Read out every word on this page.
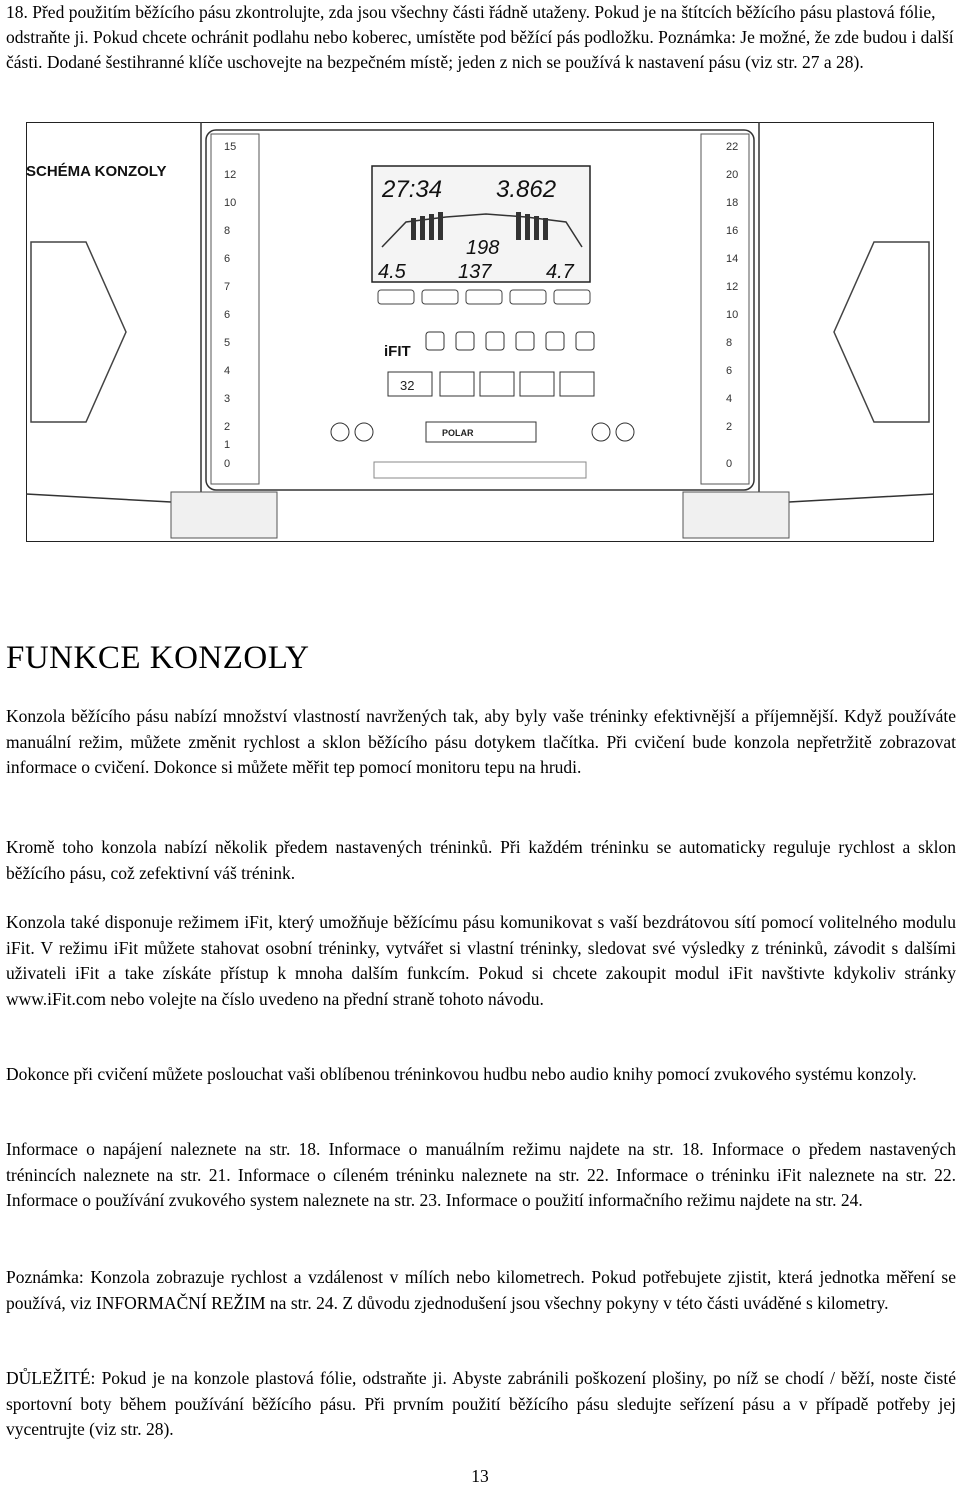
18. Před použitím běžícího pásu zkontrolujte, zda jsou všechny části řádně utaženy. Pokud je na štítcích běžícího pásu plastová fólie, odstraňte ji. Pokud chcete ochránit podlahu nebo koberec, umístěte pod běžící pás podložku. Poznámka: Je možné, že zde budou i další části. Dodané šestihranné klíče uschovejte na bezpečném místě; jeden z nich se používá k nastavení pásu (viz str. 27 a 28).
SCHÉMA KONZOLY
15
12
10
8
6
7
6
5
4
3
2
1
0
22
20
18
16
14
12
10
8
6
4
2
0
27:34 3.862
198
4.5	137	4.7
iFIT
32
POLAR
FUNKCE KONZOLY

Konzola běžícího pásu nabízí množství vlastností navržených tak, aby byly vaše tréninky efektivnější a příjemnější. Když používáte manuální režim, můžete změnit rychlost a sklon běžícího pásu dotykem tlačítka. Při cvičení bude konzola nepřetržitě zobrazovat informace o cvičení. Dokonce si můžete měřit tep pomocí monitoru tepu na hrudi.

Kromě toho konzola nabízí několik předem nastavených tréninků. Při každém tréninku se automaticky reguluje rychlost a sklon běžícího pásu, což zefektivní váš trénink.

Konzola také disponuje režimem iFit, který umožňuje běžícímu pásu komunikovat s vaší bezdrátovou sítí pomocí volitelného modulu iFit. V režimu iFit můžete stahovat osobní tréninky, vytvářet si vlastní tréninky, sledovat své výsledky z tréninků, závodit s dalšími uživateli iFit a take získáte přístup k mnoha dalším funkcím. Pokud si chcete zakoupit modul iFit navštivte kdykoliv stránky www.iFit.com nebo volejte na číslo uvedeno na přední straně tohoto návodu.

Dokonce při cvičení můžete poslouchat vaši oblíbenou tréninkovou hudbu nebo audio knihy pomocí zvukového systému konzoly.

Informace o napájení naleznete na str. 18. Informace o manuálním režimu najdete na str. 18. Informace o předem nastavených trénincích naleznete na str. 21. Informace o cíleném tréninku naleznete na str. 22. Informace o tréninku iFit naleznete na str. 22. Informace o používání zvukového system naleznete na str. 23. Informace o použití informačního režimu najdete na str. 24.

Poznámka: Konzola zobrazuje rychlost a vzdálenost v mílích nebo kilometrech. Pokud potřebujete zjistit, která jednotka měření se používá, viz INFORMAČNÍ REŽIM na str. 24. Z důvodu zjednodušení jsou všechny pokyny v této části uváděné s kilometry.

DŮLEŽITÉ: Pokud je na konzole plastová fólie, odstraňte ji. Abyste zabránili poškození plošiny, po níž se chodí / běží, noste čisté sportovní boty během používání běžícího pásu. Při prvním použití běžícího pásu sledujte seřízení pásu a v případě potřeby jej vycentrujte (viz str. 28).

13
